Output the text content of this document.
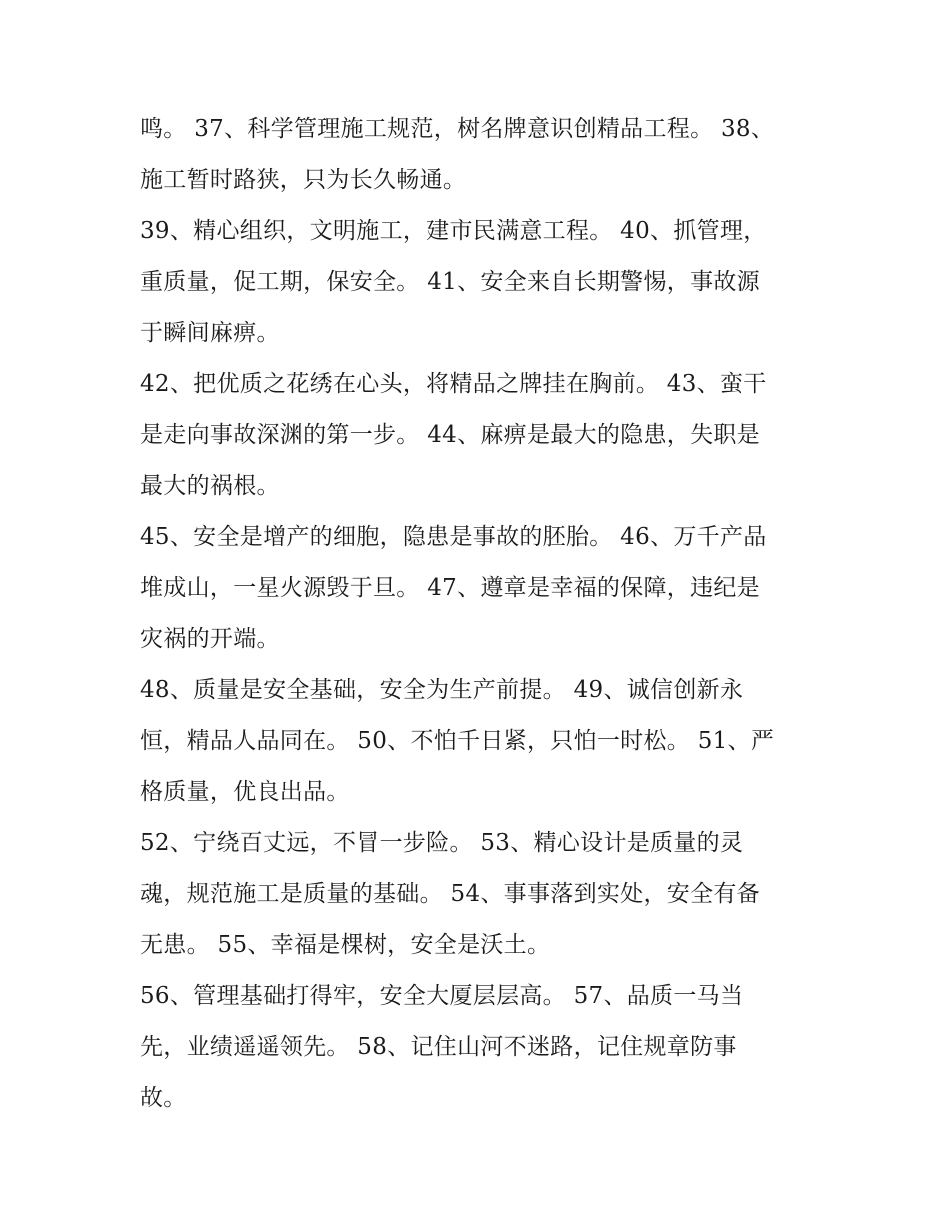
鸣。 37、科学管理施工规范，树名牌意识创精品工程。 38、
施工暂时路狭，只为长久畅通。

39、精心组织，文明施工，建市民满意工程。 40、抓管理，
重质量，促工期，保安全。 41、安全来自长期警惕，事故源
于瞬间麻痹。

42、把优质之花绣在心头，将精品之牌挂在胸前。 43、蛮干
是走向事故深渊的第一步。 44、麻痹是最大的隐患，失职是
最大的祸根。

45、安全是增产的细胞，隐患是事故的胚胎。 46、万千产品
堆成山，一星火源毁于旦。 47、遵章是幸福的保障，违纪是
灾祸的开端。

48、质量是安全基础，安全为生产前提。 49、诚信创新永
恒，精品人品同在。 50、不怕千日紧，只怕一时松。 51、严
格质量，优良出品。

52、宁绕百丈远，不冒一步险。 53、精心设计是质量的灵
魂，规范施工是质量的基础。 54、事事落到实处，安全有备
无患。 55、幸福是棵树，安全是沃土。

56、管理基础打得牢，安全大厦层层高。 57、品质一马当
先，业绩遥遥领先。 58、记住山河不迷路，记住规章防事
故。
